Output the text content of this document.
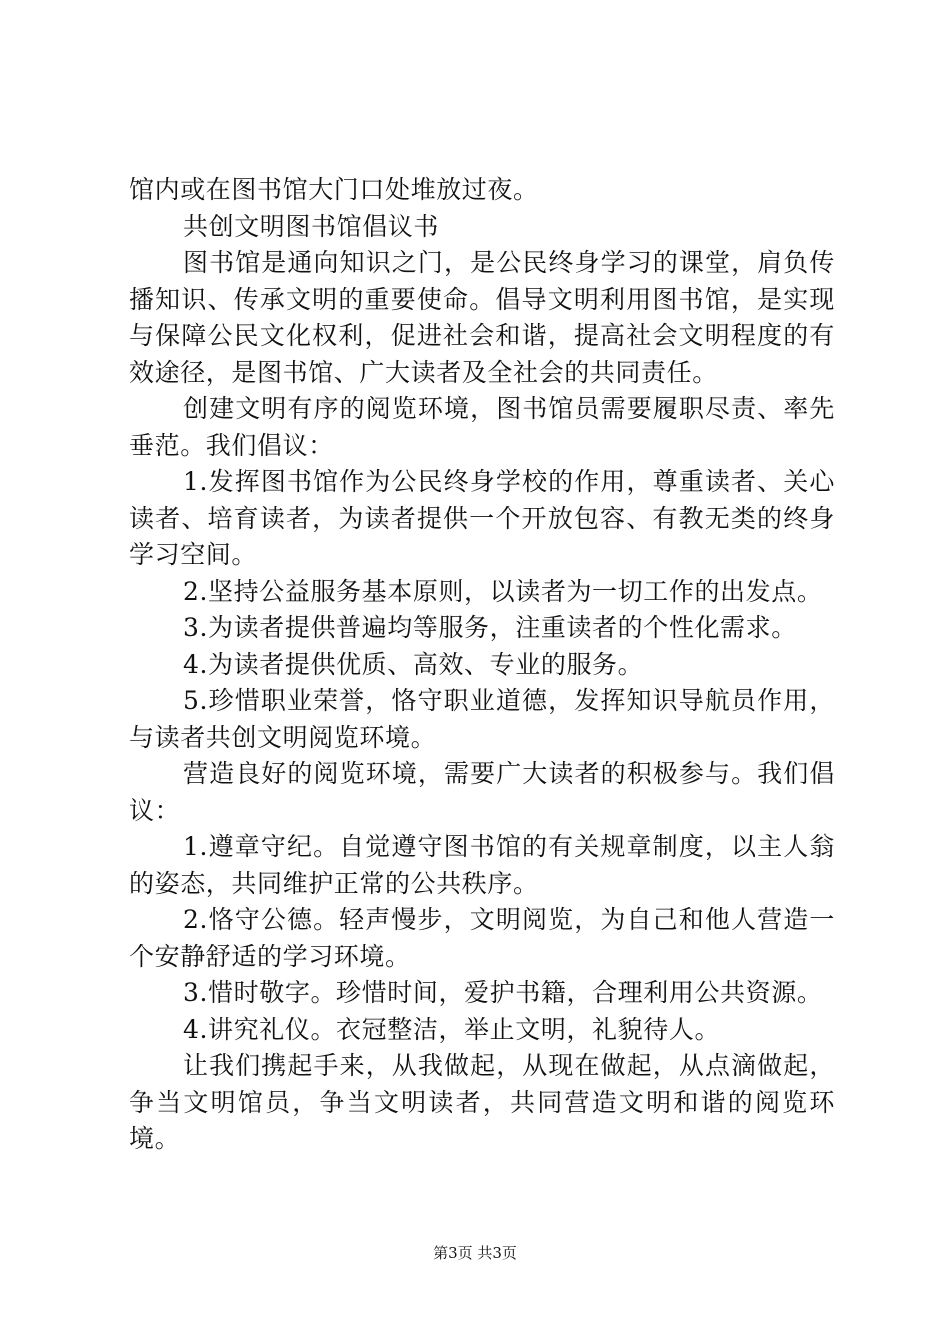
馆内或在图书馆大门口处堆放过夜。

共创文明图书馆倡议书

图书馆是通向知识之门，是公民终身学习的课堂，肩负传播知识、传承文明的重要使命。倡导文明利用图书馆，是实现与保障公民文化权利，促进社会和谐，提高社会文明程度的有效途径，是图书馆、广大读者及全社会的共同责任。

创建文明有序的阅览环境，图书馆员需要履职尽责、率先垂范。我们倡议：

1.发挥图书馆作为公民终身学校的作用，尊重读者、关心读者、培育读者，为读者提供一个开放包容、有教无类的终身学习空间。

2.坚持公益服务基本原则，以读者为一切工作的出发点。

3.为读者提供普遍均等服务，注重读者的个性化需求。

4.为读者提供优质、高效、专业的服务。

5.珍惜职业荣誉，恪守职业道德，发挥知识导航员作用，与读者共创文明阅览环境。

营造良好的阅览环境，需要广大读者的积极参与。我们倡议：

1.遵章守纪。自觉遵守图书馆的有关规章制度，以主人翁的姿态，共同维护正常的公共秩序。

2.恪守公德。轻声慢步，文明阅览，为自己和他人营造一个安静舒适的学习环境。

3.惜时敬字。珍惜时间，爱护书籍，合理利用公共资源。

4.讲究礼仪。衣冠整洁，举止文明，礼貌待人。

让我们携起手来，从我做起，从现在做起，从点滴做起，争当文明馆员，争当文明读者，共同营造文明和谐的阅览环境。

第3页 共3页
